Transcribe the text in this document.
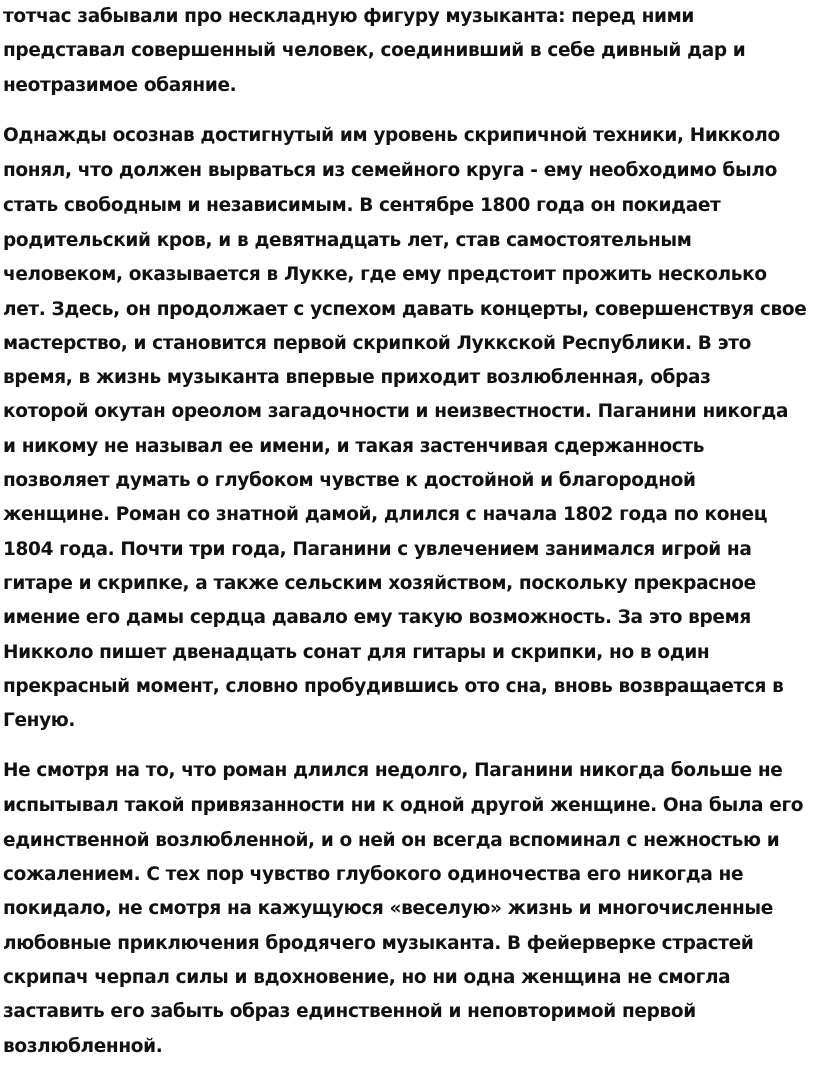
тотчас забывали про нескладную фигуру музыканта: перед ними
представал совершенный человек, соединивший в себе дивный дар и
неотразимое обаяние.
Однажды осознав достигнутый им уровень скрипичной техники, Никколо
понял, что должен вырваться из семейного круга - ему необходимо было
стать свободным и независимым. В сентябре 1800 года он покидает
родительский кров, и в девятнадцать лет, став самостоятельным
человеком, оказывается в Лукке, где ему предстоит прожить несколько
лет. Здесь, он продолжает с успехом давать концерты, совершенствуя свое
мастерство, и становится первой скрипкой Луккской Республики. В это
время, в жизнь музыканта впервые приходит возлюбленная, образ
которой окутан ореолом загадочности и неизвестности. Паганини никогда
и никому не называл ее имени, и такая застенчивая сдержанность
позволяет думать о глубоком чувстве к достойной и благородной
женщине. Роман со знатной дамой, длился с начала 1802 года по конец
1804 года. Почти три года, Паганини с увлечением занимался игрой на
гитаре и скрипке, а также сельским хозяйством, поскольку прекрасное
имение его дамы сердца давало ему такую возможность. За это время
Никколо пишет двенадцать сонат для гитары и скрипки, но в один
прекрасный момент, словно пробудившись ото сна, вновь возвращается в
Геную.
Не смотря на то, что роман длился недолго, Паганини никогда больше не
испытывал такой привязанности ни к одной другой женщине. Она была его
единственной возлюбленной, и о ней он всегда вспоминал с нежностью и
сожалением. С тех пор чувство глубокого одиночества его никогда не
покидало, не смотря на кажущуюся «веселую» жизнь и многочисленные
любовные приключения бродячего музыканта. В фейерверке страстей
скрипач черпал силы и вдохновение, но ни одна женщина не смогла
заставить его забыть образ единственной и неповторимой первой
возлюбленной.
